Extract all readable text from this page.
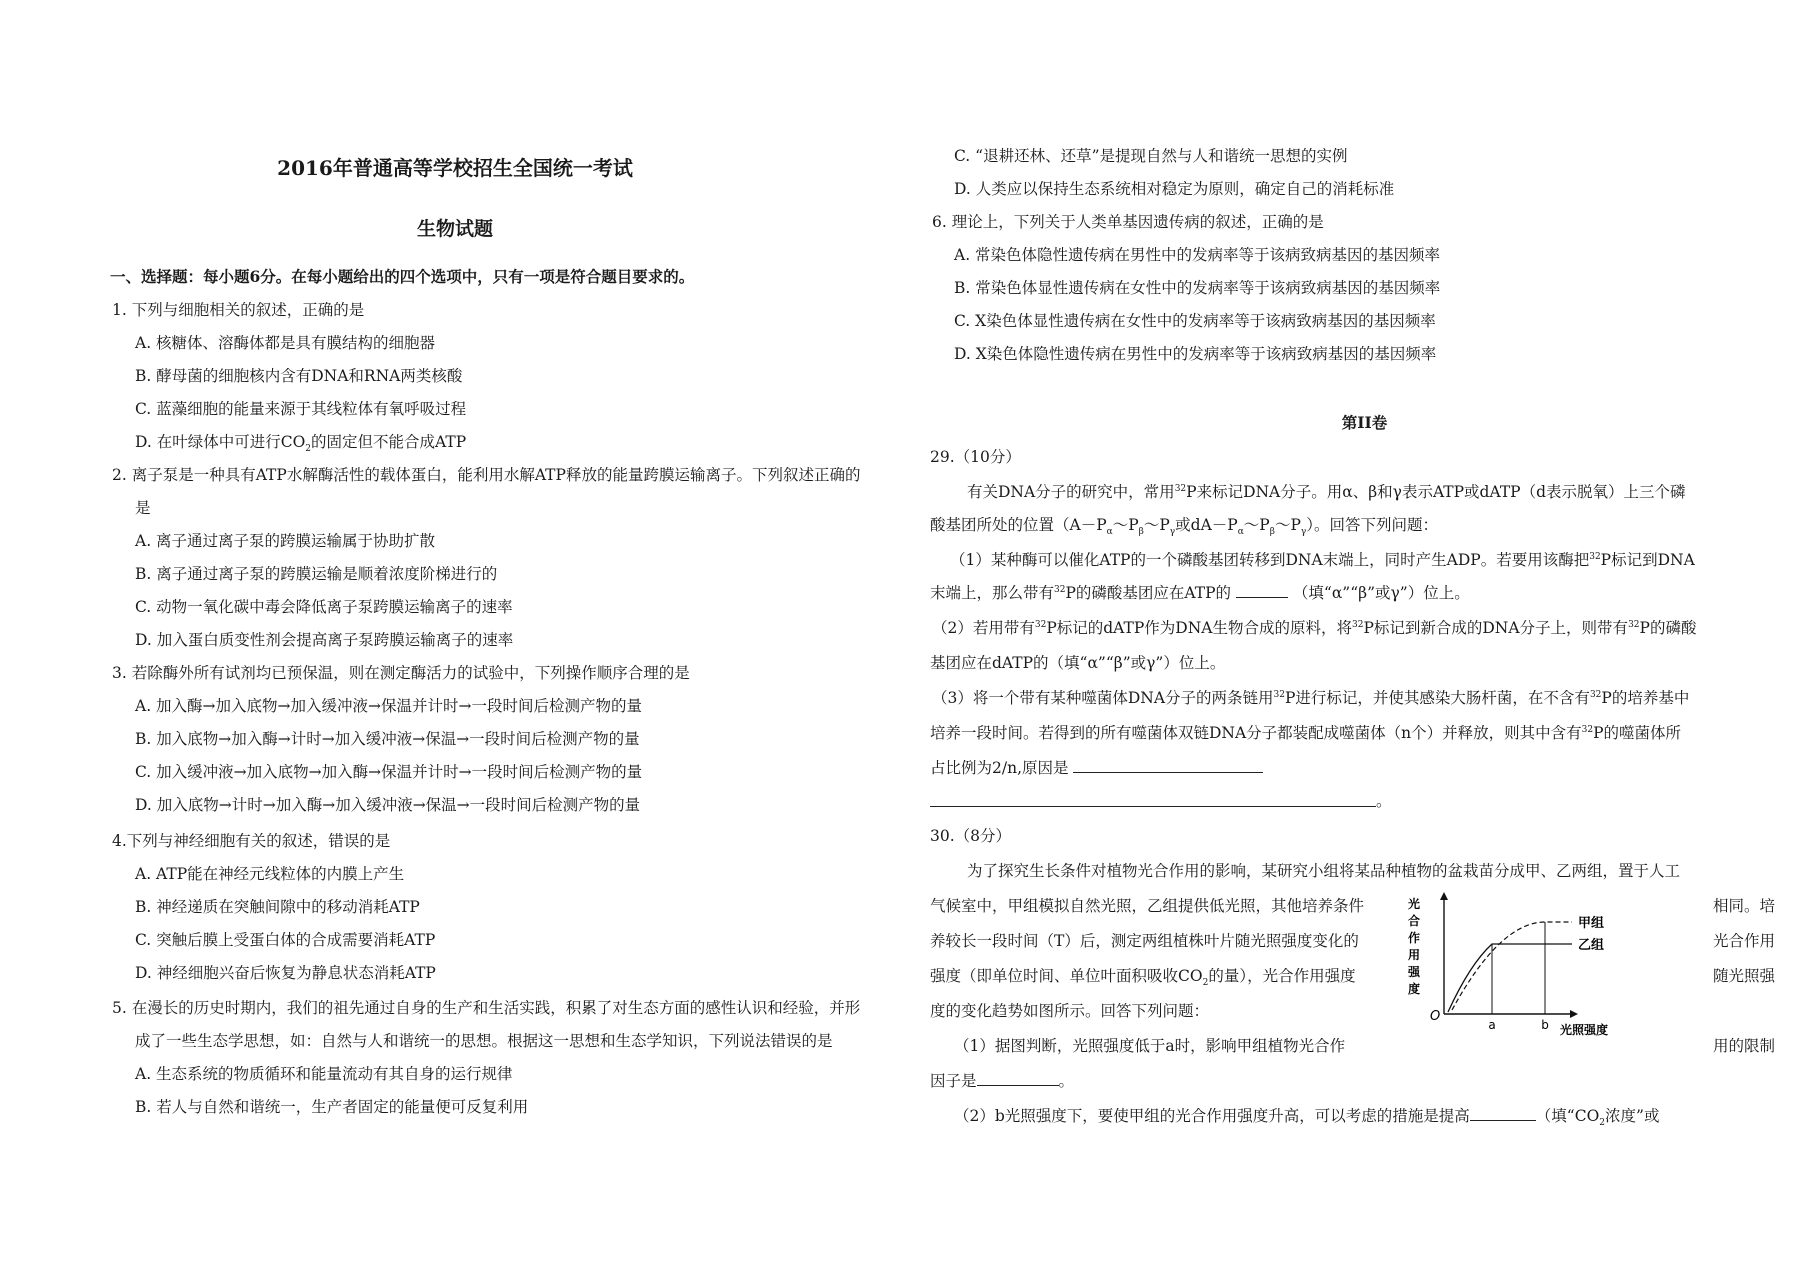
2016年普通高等学校招生全国统一考试
生物试题
一、选择题：每小题6分。在每小题给出的四个选项中，只有一项是符合题目要求的。
1. 下列与细胞相关的叙述，正确的是
A. 核糖体、溶酶体都是具有膜结构的细胞器
B. 酵母菌的细胞核内含有DNA和RNA两类核酸
C. 蓝藻细胞的能量来源于其线粒体有氧呼吸过程
D. 在叶绿体中可进行$CO_2$的固定但不能合成ATP
2. 离子泵是一种具有ATP水解酶活性的载体蛋白，能利用水解ATP释放的能量跨膜运输离子。下列叙述正确的
是
A. 离子通过离子泵的跨膜运输属于协助扩散
B. 离子通过离子泵的跨膜运输是顺着浓度阶梯进行的
C. 动物一氧化碳中毒会降低离子泵跨膜运输离子的速率
D. 加入蛋白质变性剂会提高离子泵跨膜运输离子的速率
3. 若除酶外所有试剂均已预保温，则在测定酶活力的试验中，下列操作顺序合理的是
A. 加入酶→加入底物→加入缓冲液→保温并计时→一段时间后检测产物的量
B. 加入底物→加入酶→计时→加入缓冲液→保温→一段时间后检测产物的量
C. 加入缓冲液→加入底物→加入酶→保温并计时→一段时间后检测产物的量
D. 加入底物→计时→加入酶→加入缓冲液→保温→一段时间后检测产物的量
4.下列与神经细胞有关的叙述，错误的是
A. ATP能在神经元线粒体的内膜上产生
B. 神经递质在突触间隙中的移动消耗ATP
C. 突触后膜上受蛋白体的合成需要消耗ATP
D. 神经细胞兴奋后恢复为静息状态消耗ATP
5. 在漫长的历史时期内，我们的祖先通过自身的生产和生活实践，积累了对生态方面的感性认识和经验，并形
成了一些生态学思想，如：自然与人和谐统一的思想。根据这一思想和生态学知识，下列说法错误的是
A. 生态系统的物质循环和能量流动有其自身的运行规律
B. 若人与自然和谐统一，生产者固定的能量便可反复利用
C. “退耕还林、还草”是提现自然与人和谐统一思想的实例
D. 人类应以保持生态系统相对稳定为原则，确定自己的消耗标准
6. 理论上，下列关于人类单基因遗传病的叙述，正确的是
A. 常染色体隐性遗传病在男性中的发病率等于该病致病基因的基因频率
B. 常染色体显性遗传病在女性中的发病率等于该病致病基因的基因频率
C. X染色体显性遗传病在女性中的发病率等于该病致病基因的基因频率
D. X染色体隐性遗传病在男性中的发病率等于该病致病基因的基因频率
第II卷
29.（10分）
有关DNA分子的研究中，常用$^{32}$P来标记DNA分子。用α、β和γ表示ATP或dATP（d表示脱氧）上三个磷
酸基团所处的位置（$A-P_\alpha\sim P_\beta\sim P_\gamma$或$dA-P_\alpha\sim P_\beta\sim P_\gamma$）。回答下列问题：
（1）某种酶可以催化ATP的一个磷酸基团转移到DNA末端上，同时产生ADP。若要用该酶把$^{32}$P标记到DNA
末端上，那么带有$^{32}$P的磷酸基团应在ATP的	（填“α”“β”或γ”）位上。
（2）若用带有$^{32}$P标记的dATP作为DNA生物合成的原料，将$^{32}$P标记到新合成的DNA分子上，则带有$^{32}$P的磷酸
基团应在dATP的（填“α”“β”或γ”）位上。
（3）将一个带有某种噬菌体DNA分子的两条链用$^{32}$P进行标记，并使其感染大肠杆菌，在不含有$^{32}$P的培养基中
培养一段时间。若得到的所有噬菌体双链DNA分子都装配成噬菌体（n个）并释放，则其中含有$^{32}$P的噬菌体所
占比例为2/n,原因是
。
30.（8分）
为了探究生长条件对植物光合作用的影响，某研究小组将某品种植物的盆栽苗分成甲、乙两组，置于人工
气候室中，甲组模拟自然光照，乙组提供低光照，其他培养条件	相同。培
养较长一段时间（T）后，测定两组植株叶片随光照强度变化的	光合作用
强度（即单位时间、单位叶面积吸收$CO_2$的量），光合作用强度	随光照强
度的变化趋势如图所示。回答下列问题：
（1）据图判断，光照强度低于a时，影响甲组植物光合作	用的限制
因子是	。
（2）b光照强度下，要使甲组的光合作用强度升高，可以考虑的措施是提高	（填“$CO_2$浓度”或
光
合
作
用
强
度
O
光照强度
a	b
甲组
乙组
